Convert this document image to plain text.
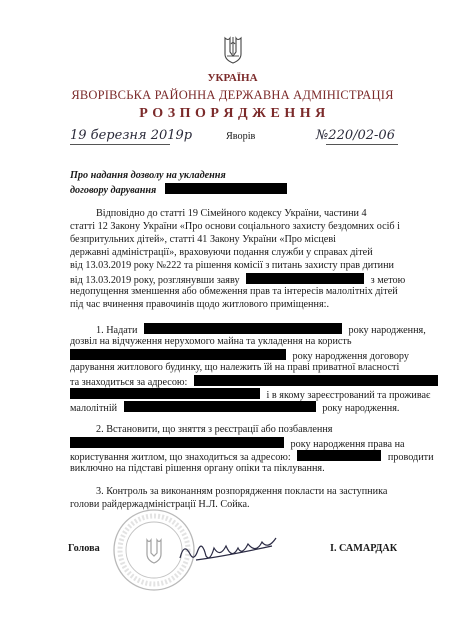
УКРАЇНА
ЯВОРІВСЬКА РАЙОННА ДЕРЖАВНА АДМІНІСТРАЦІЯ
Р О З П О Р Я Д Ж Е Н Н Я
19 березня 2019р	Яворів	№220/02-06
Про надання дозволу на укладення
договору дарування
Відповідно до статті 19 Сімейного кодексу України, частини 4
статті 12 Закону України «Про основи соціального захисту бездомних осіб і
безпритульних дітей», статті 41 Закону України «Про місцеві
державні адміністрації», враховуючи подання служби у справах дітей
від 13.03.2019 року №222 та рішення комісії з питань захисту прав дитини
від 13.03.2019 року, розглянувши заяву	з метою
недопущення зменшення або обмеження прав та інтересів малолітніх дітей
під час вчинення правочинів щодо житлового приміщення:.
1. Надати	року народження,
дозвіл на відчуження нерухомого майна та укладення на користь
року народження договору
дарування житлового будинку, що належить їй на праві приватної власності
та знаходиться за адресою:
і в якому зареєстрований та проживає
малолітній	року народження.
2. Встановити, що зняття з реєстрації або позбавлення
року народження права на
користування житлом, що знаходиться за адресою:	проводити
виключно на підставі рішення органу опіки та піклування.
3. Контроль за виконанням розпорядження покласти на заступника
голови райдержадміністрації Н.Л. Сойка.
Голова	І. САМАРДАК
